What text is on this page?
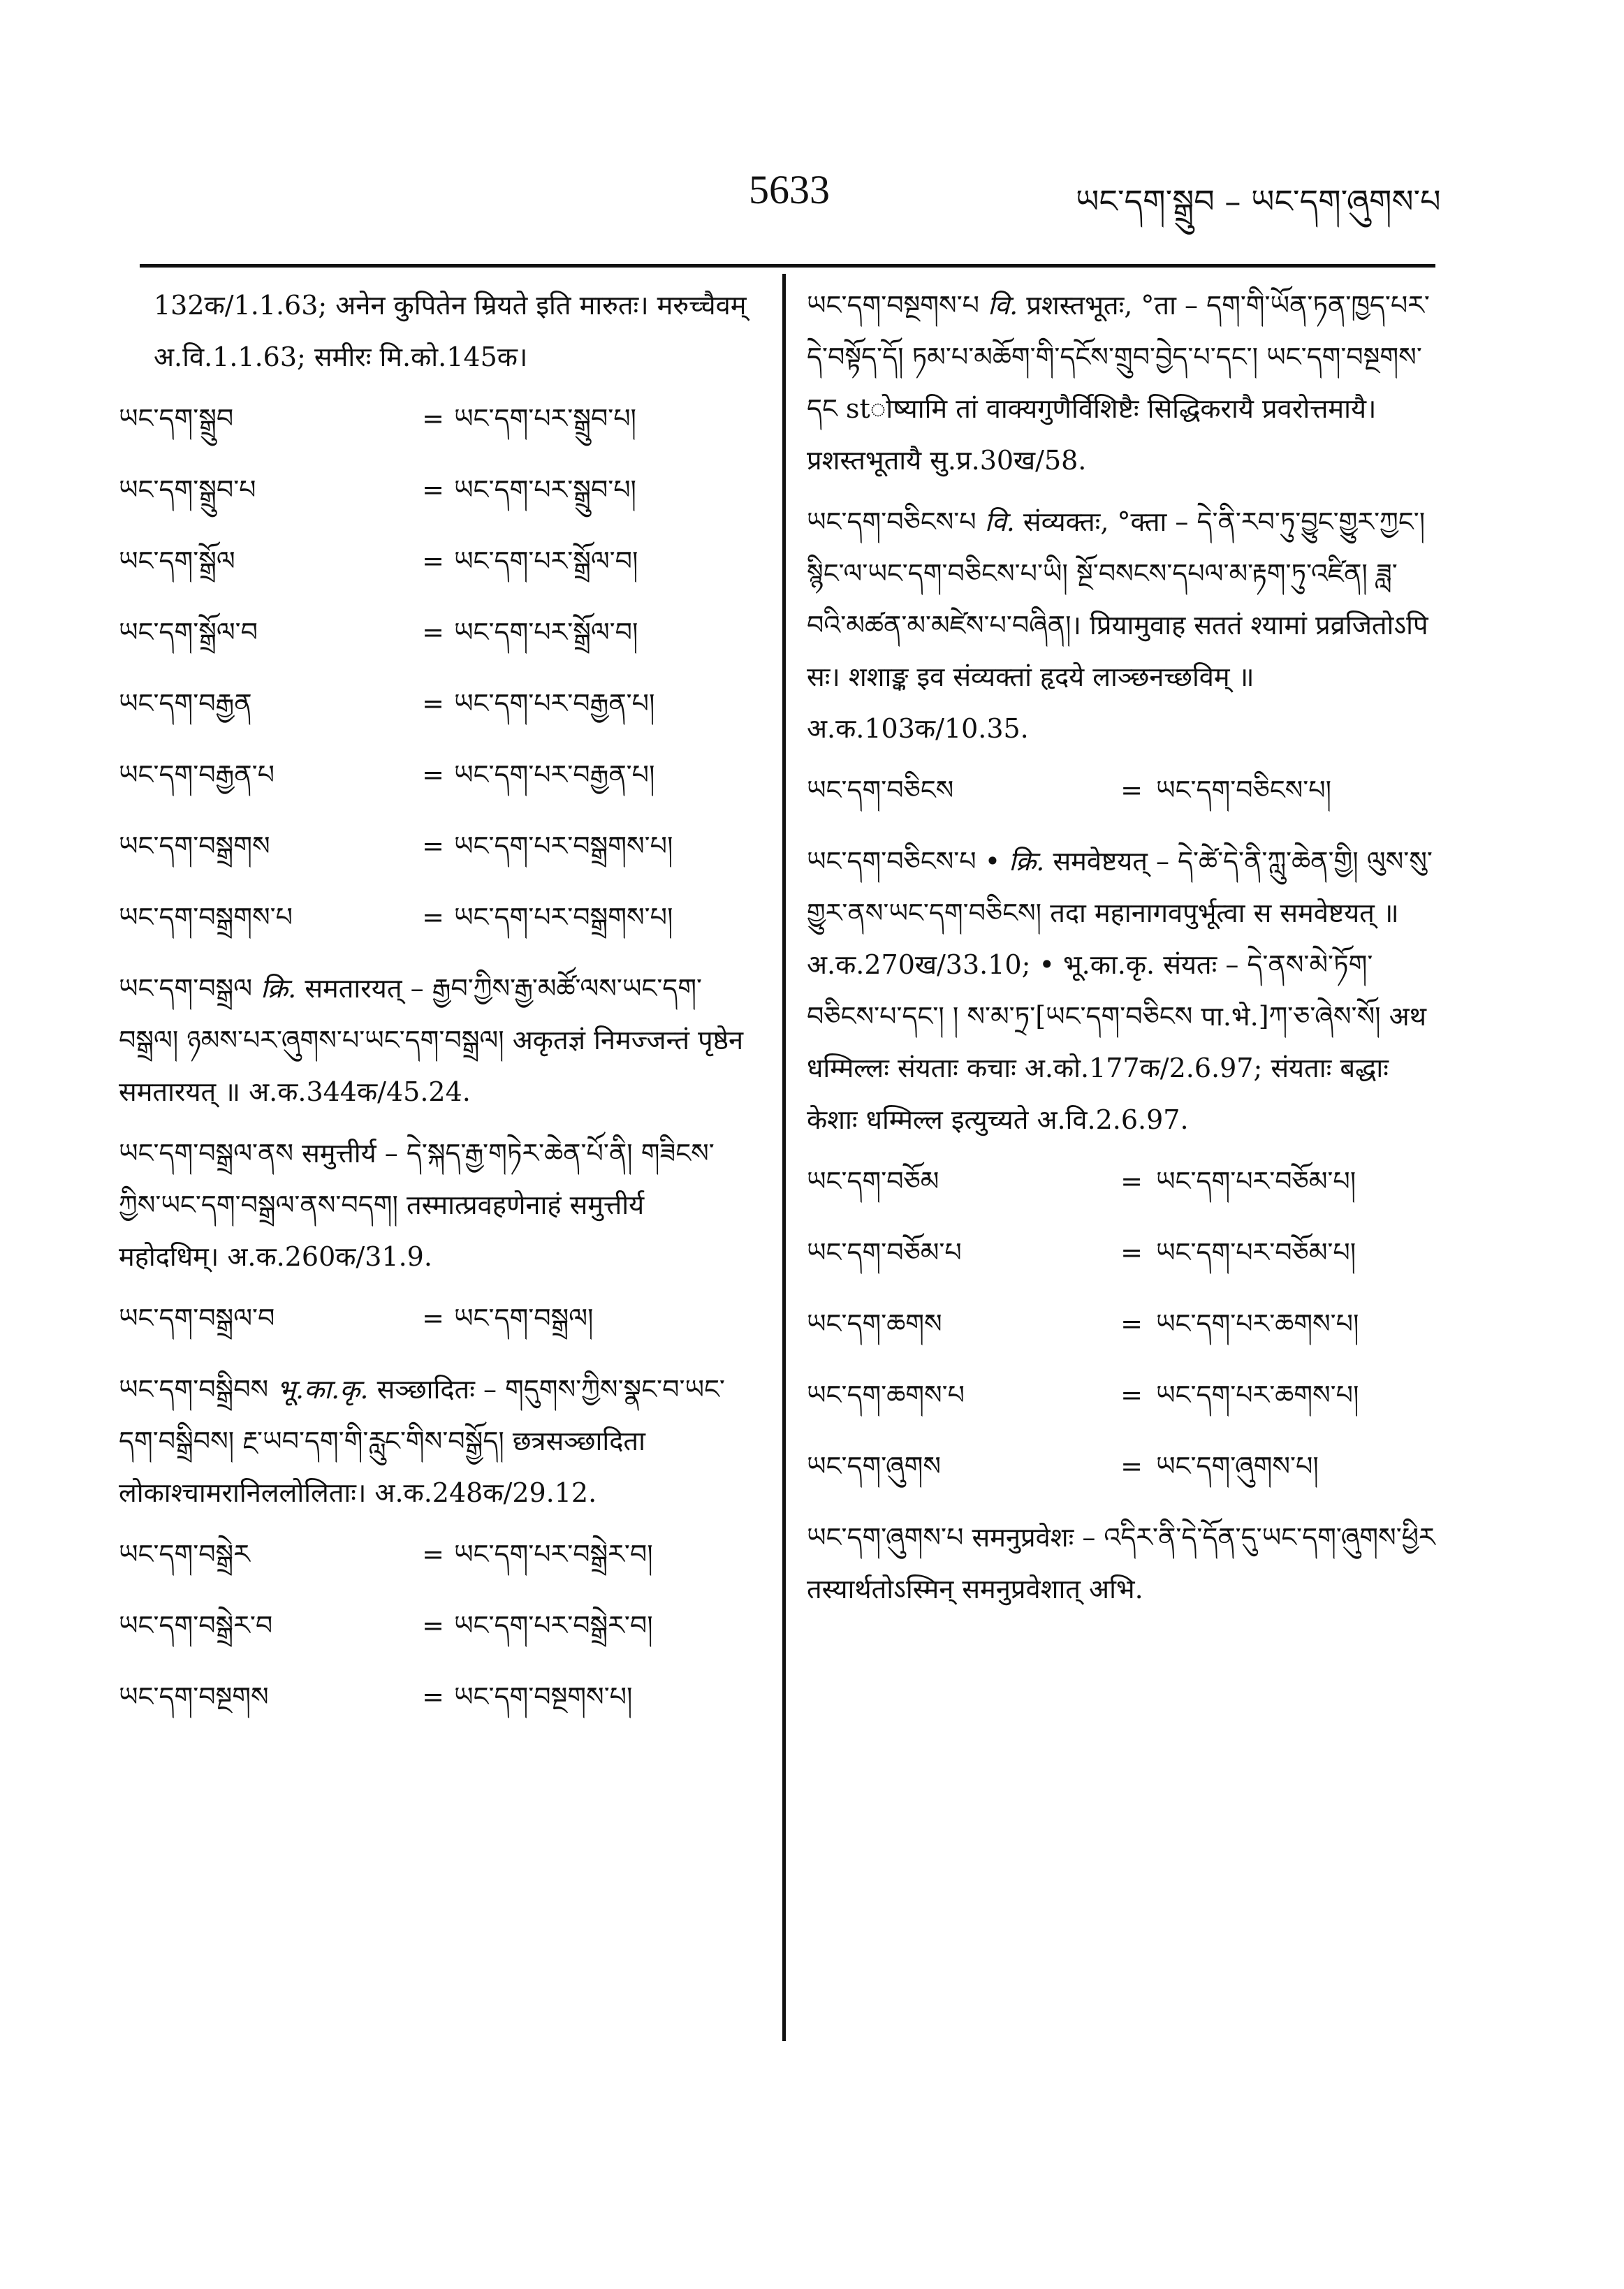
5633	ཡང་དག་སྒྲུབ – ཡང་དག་ཞུགས་པ

132क/1.1.63; अनेन कुपितेन म्रियते इति मारुतः। मरुच्चैवम् अ.वि.1.1.63; समीरः मि.को.145क।

ཡང་དག་སྒྲུབ	= ཡང་དག་པར་སྒྲུབ་པ།
ཡང་དག་སྒྲུབ་པ	= ཡང་དག་པར་སྒྲུབ་པ།
ཡང་དག་སྒྲོལ	= ཡང་དག་པར་སྒྲོལ་བ།
ཡང་དག་སྒྲོལ་བ	= ཡང་དག་པར་སྒྲོལ་བ།
ཡང་དག་བརྒྱན	= ཡང་དག་པར་བརྒྱན་པ།
ཡང་དག་བརྒྱན་པ	= ཡང་དག་པར་བརྒྱན་པ།
ཡང་དག་བསྒྲགས	= ཡང་དག་པར་བསྒྲགས་པ།
ཡང་དག་བསྒྲགས་པ	= ཡང་དག་པར་བསྒྲགས་པ།

ཡང་དག་བསྒྲལ क्रि. समतारयत् – རྒྱབ་ཀྱིས་རྒྱ་མཚོ་ལས་ཡང་དག་བསྒྲལ། ཉམས་པར་ཞུགས་པ་ཡང་དག་བསྒྲལ། अकृतज्ञं निमज्जन्तं पृष्ठेन समतारयत् ॥ अ.क.344क/45.24.

ཡང་དག་བསྒྲལ་ནས समुत्तीर्य – དེ་སྐད་རྒྱ་གཏེར་ཆེན་པོ་ནི། གཟིངས་ཀྱིས་ཡང་དག་བསྒྲལ་ནས་བདག། तस्मात्प्रवहणेनाहं समुत्तीर्य महोदधिम्। अ.क.260क/31.9.

ཡང་དག་བསྒྲལ་བ	= ཡང་དག་བསྒྲལ།

ཡང་དག་བསྒྲིབས भू.का.कृ. सञ्छादितः – གདུགས་ཀྱིས་སྣང་བ་ཡང་དག་བསྒྲིབས། རྔ་ཡབ་དག་གི་རླུང་གིས་བསྒྱོད། छत्रसञ्छादिता लोकाश्चामरानिललोलिताः। अ.क.248क/29.12.

ཡང་དག་བསྒྲེར	= ཡང་དག་པར་བསྒྲེར་བ།
ཡང་དག་བསྒྲེར་བ	= ཡང་དག་པར་བསྒྲེར་བ།
ཡང་དག་བསྔགས	= ཡང་དག་བསྔགས་པ།

ཡང་དག་བསྔགས་པ वि. प्रशस्तभूतः, °ता – དག་གི་ཡོན་ཏན་ཁྱད་པར་དེ་བསྟོད་དོ། ཏམ་པ་མཆོག་གི་དངོས་གྲུབ་བྱེད་པ་དང་། ཡང་དག་བསྔགས་དང stोष्यामि तां वाक्यगुणैर्विशिष्टैः सिद्धिकरायै प्रवरोत्तमायै। प्रशस्तभूतायै सु.प्र.30ख/58.

ཡང་དག་བཅིངས་པ वि. संव्यक्तः, °क्ता – དེ་ནི་རབ་ཏུ་བྱུང་གྱུར་ཀྱང་། སྙིང་ལ་ཡང་དག་བཅིངས་པ་ཡི། སྔོ་བསངས་དཔལ་མ་རྟག་ཏུ་འཛིན། ཟླ་བའི་མཚན་མ་མཛེས་པ་བཞིན།। प्रियामुवाह सततं श्यामां प्रव्रजितोऽपि सः। शशाङ्क इव संव्यक्तां हृदये लाञ्छनच्छविम् ॥ अ.क.103क/10.35.

ཡང་དག་བཅིངས	= ཡང་དག་བཅིངས་པ།

ཡང་དག་བཅིངས་པ • क्रि. समवेष्टयत् – དེ་ཚེ་དེ་ནི་ཀླུ་ཆེན་གྱི། ལུས་སུ་གྱུར་ནས་ཡང་དག་བཅིངས། तदा महानागवपुर्भूत्वा स समवेष्टयत् ॥ अ.क.270ख/33.10; • भू.का.कृ. संयतः – དེ་ནས་མེ་ཏོག་བཅིངས་པ་དང་། ། ས་མ་ཏྲ་[ཡང་དག་བཅིངས पा.भे.]ཀ་ཅ་ཞེས་སོ། अथ धम्मिल्लः संयताः कचाः अ.को.177क/2.6.97; संयताः बद्धाः केशाः धम्मिल्ल इत्युच्यते अ.वि.2.6.97.

ཡང་དག་བཅོམ	= ཡང་དག་པར་བཅོམ་པ།
ཡང་དག་བཅོམ་པ	= ཡང་དག་པར་བཅོམ་པ།
ཡང་དག་ཆགས	= ཡང་དག་པར་ཆགས་པ།
ཡང་དག་ཆགས་པ	= ཡང་དག་པར་ཆགས་པ།
ཡང་དག་ཞུགས	= ཡང་དག་ཞུགས་པ།

ཡང་དག་ཞུགས་པ समनुप्रवेशः – འདིར་ནི་དེ་དོན་དུ་ཡང་དག་ཞུགས་ཕྱིར तस्यार्थतोऽस्मिन् समनुप्रवेशात् अभि.
